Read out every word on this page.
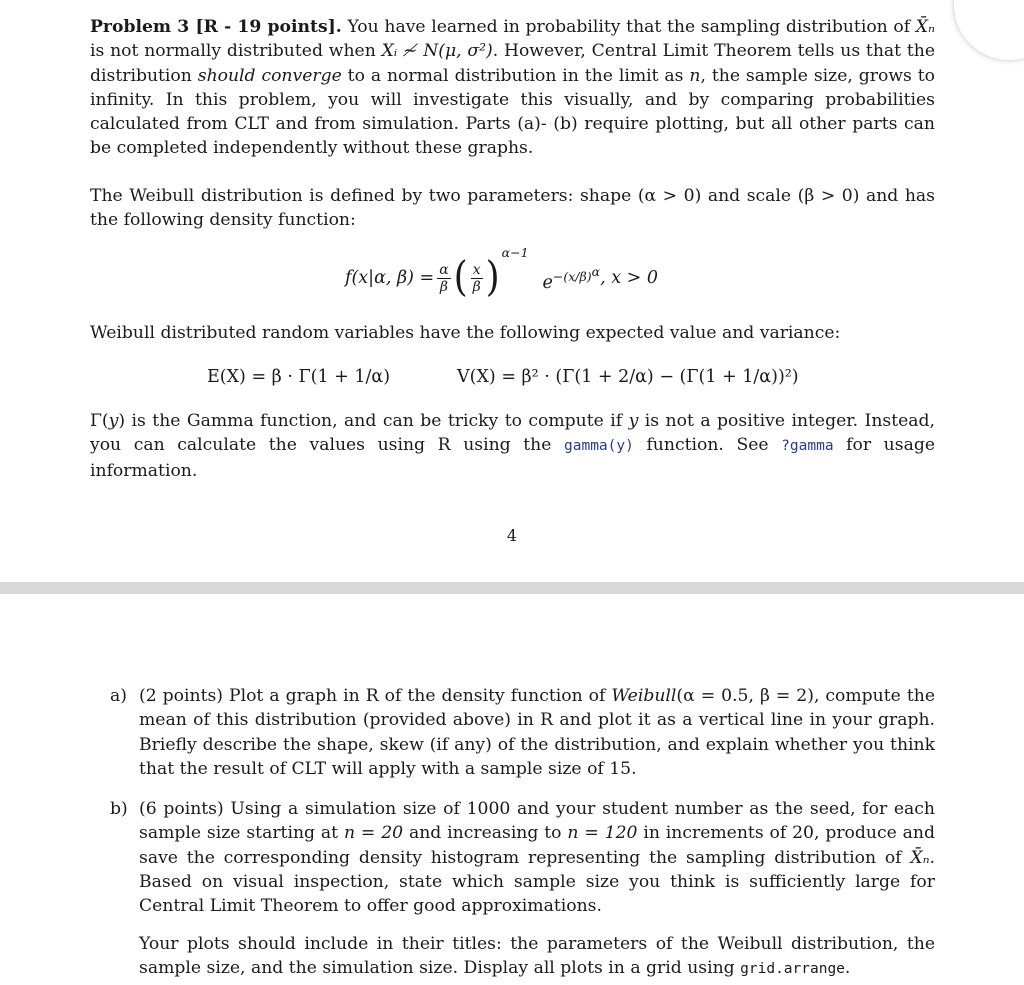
Problem 3 [R - 19 points]. You have learned in probability that the sampling distribution of X̄ₙ is not normally distributed when Xᵢ ≁ N(μ, σ²). However, Central Limit Theorem tells us that the distribution should converge to a normal distribution in the limit as n, the sample size, grows to infinity. In this problem, you will investigate this visually, and by comparing probabilities calculated from CLT and from simulation. Parts (a)- (b) require plotting, but all other parts can be completed independently without these graphs.

The Weibull distribution is defined by two parameters: shape (α > 0) and scale (β > 0) and has the following density function:

f(x|α, $\beta) = \frac{\alpha}{\beta}$ ( $\frac{x}{\beta}$ )
α−1
$e^{-(x/\beta)^\alpha}$ , x > 0

Weibull distributed random variables have the following expected value and variance:

E(X) = β · Γ(1 + 1/α)	V(X) = β² · (Γ(1 + 2/α) − (Γ(1 + 1/α))²)

Γ(y) is the Gamma function, and can be tricky to compute if y is not a positive integer. Instead, you can calculate the values using R using the gamma(y) function. See ?gamma for usage information.

4
a) (2 points) Plot a graph in R of the density function of Weibull(α = 0.5, β = 2), compute the mean of this distribution (provided above) in R and plot it as a vertical line in your graph. Briefly describe the shape, skew (if any) of the distribution, and explain whether you think that the result of CLT will apply with a sample size of 15.
b) (6 points) Using a simulation size of 1000 and your student number as the seed, for each sample size starting at n = 20 and increasing to n = 120 in increments of 20, produce and save the corresponding density histogram representing the sampling distribution of X̄ₙ. Based on visual inspection, state which sample size you think is sufficiently large for Central Limit Theorem to offer good approximations.
Your plots should include in their titles: the parameters of the Weibull distribution, the sample size, and the simulation size. Display all plots in a grid using grid.arrange.
